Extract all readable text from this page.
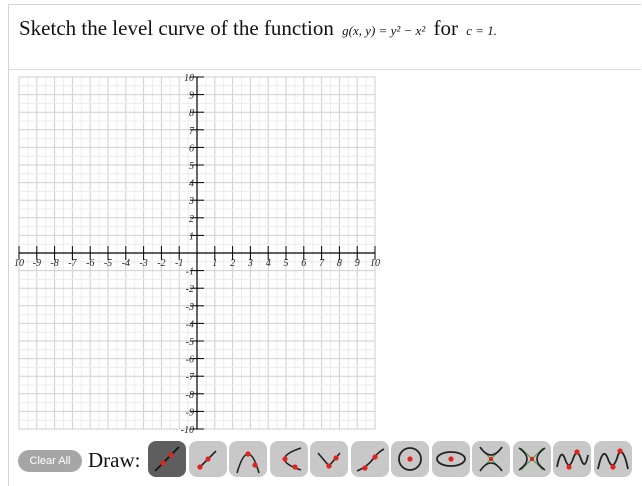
Sketch the level curve of the function g(x, y) = y² − x² for c = 1.
10 -9 -8 -7 -6 -5 -4 -3 -2 -1	1 2 3 4 5 6 7 8 9 10
10
9
8
7
6
5
4
3
2
1
-1
-2
-3
-4
-5
-6
-7
-8
-9
-10
Clear All Draw:
